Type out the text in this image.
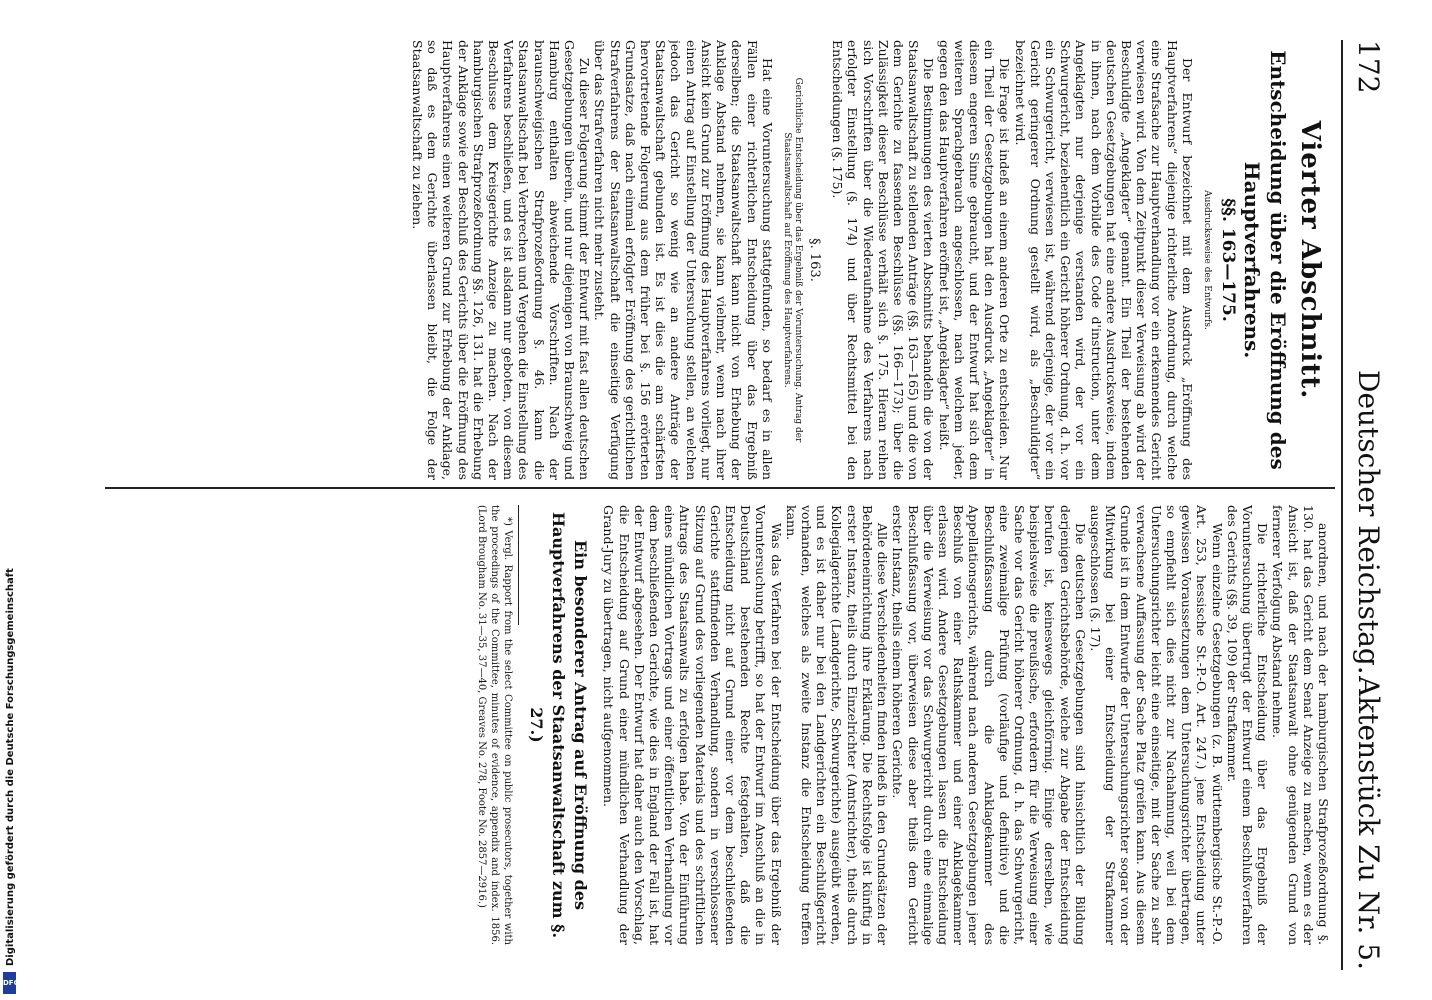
172
Deutscher Reichstag.
Aktenstück Zu Nr. 5.
Vierter Abschnitt.
Entscheidung über die Eröffnung des Hauptverfahrens.
§§. 163—175.
Ausdrucksweise des Entwurfs.

Der Entwurf bezeichnet mit dem Ausdruck „Eröffnung des Hauptverfahrens“ diejenige richterliche Anordnung, durch welche eine Strafsache zur Hauptverhandlung vor ein erkennendes Gericht verwiesen wird. Von dem Zeitpunkt dieser Verweisung ab wird der Beschuldigte „Angeklagter“ genannt. Ein Theil der bestehenden deutschen Gesetzgebungen hat eine andere Ausdrucksweise, indem in ihnen, nach dem Vorbilde des Code d'instruction, unter dem Angeklagten nur derjenige verstanden wird, der vor ein Schwurgericht, beziehentlich ein Gericht höherer Ordnung, d. h. vor ein Schwurgericht, verwiesen ist, während derjenige, der vor ein Gericht geringerer Ordnung gestellt wird, als „Beschuldigter“ bezeichnet wird.

Die Frage ist indeß an einem anderen Orte zu entscheiden. Nur ein Theil der Gesetzgebungen hat den Ausdruck „Angeklagter“ in diesem engeren Sinne gebraucht, und der Entwurf hat sich dem weiteren Sprachgebrauch angeschlossen, nach welchem jeder, gegen den das Hauptverfahren eröffnet ist, „Angeklagter“ heißt.

Die Bestimmungen des vierten Abschnitts behandeln die von der Staatsanwaltschaft zu stellenden Anträge (§§. 163—165) und die von dem Gerichte zu fassenden Beschlüsse (§§. 166—173); über die Zulässigkeit dieser Beschlüsse verhält sich §. 175. Hieran reihen sich Vorschriften über die Wiederaufnahme des Verfahrens nach erfolgter Einstellung (§. 174) und über Rechtsmittel bei den Entscheidungen (§. 175).

§. 163.
Gerichtliche Entscheidung über das Ergebniß der Voruntersuchung. Antrag der Staatsanwaltschaft auf Eröffnung des Hauptverfahrens.

Hat eine Voruntersuchung stattgefunden, so bedarf es in allen Fällen einer richterlichen Entscheidung über das Ergebniß derselben; die Staatsanwaltschaft kann nicht von Erhebung der Anklage Abstand nehmen, sie kann vielmehr, wenn nach ihrer Ansicht kein Grund zur Eröffnung des Hauptverfahrens vorliegt, nur einen Antrag auf Einstellung der Untersuchung stellen, an welchen jedoch das Gericht so wenig wie an andere Anträge der Staatsanwaltschaft gebunden ist. Es ist dies die am schärfsten hervortretende Folgerung aus dem früher bei §. 156 erörterten Grundsatze, daß nach einmal erfolgter Eröffnung des gerichtlichen Strafverfahrens der Staatsanwaltschaft die einseitige Verfügung über das Strafverfahren nicht mehr zusteht.

Zu dieser Folgerung stimmt der Entwurf mit fast allen deutschen Gesetzgebungen überein, und nur diejenigen von Braunschweig und Hamburg enthalten abweichende Vorschriften. Nach der braunschweigischen Strafprozeßordnung §. 46. kann die Staatsanwaltschaft bei Verbrechen und Vergehen die Einstellung des Verfahrens beschließen, und es ist alsdann nur geboten, von diesem Beschlusse dem Kreisgerichte Anzeige zu machen. Nach der hamburgischen Strafprozeßordnung §§. 126, 131. hat die Erhebung der Anklage sowie der Beschluß des Gerichts über die Eröffnung des Hauptverfahrens einen weiteren Grund zur Erhebung der Anklage, so daß es dem Gerichte überlassen bleibt, die Folge der Staatsanwaltschaft zu ziehen.

anordnen, und nach der hamburgischen Strafprozeßordnung §. 130. hat das Gericht dem Senat Anzeige zu machen, wenn es der Ansicht ist, daß der Staatsanwalt ohne genügenden Grund von fernerer Verfolgung Abstand nehme.

Die richterliche Entscheidung über das Ergebniß der Voruntersuchung übertrugt der Entwurf einem Beschlußverfahren des Gerichts (§§. 39, 109) der Strafkammer.

Wenn einzelne Gesetzgebungen (z. B. württembergische St.-P.-O. Art. 253, hessische St.-P.-O. Art. 247.) jene Entscheidung unter gewissen Voraussetzungen dem Untersuchungsrichter übertragen, so empfiehlt sich dies nicht zur Nachahmung, weil bei dem Untersuchungsrichter leicht eine einseitige, mit der Sache zu sehr verwachsene Auffassung der Sache Platz greifen kann. Aus diesem Grunde ist in dem Entwurfe der Untersuchungsrichter sogar von der Mitwirkung bei einer Entscheidung der Strafkammer ausgeschlossen (§. 17).

Die deutschen Gesetzgebungen sind hinsichtlich der Bildung derjenigen Gerichtsbehörde, welche zur Abgabe der Entscheidung berufen ist, keineswegs gleichförmig. Einige derselben, wie beispielsweise die preußische, erfordern für die Verweisung einer Sache vor das Gericht höherer Ordnung, d. h. das Schwurgericht, eine zweimalige Prüfung (vorläufige und definitive) und die Beschlußfassung durch die Anklagekammer des Appellationsgerichts, während nach anderen Gesetzgebungen jener Beschluß von einer Rathskammer und einer Anklagekammer erlassen wird. Andere Gesetzgebungen lassen die Entscheidung über die Verweisung vor das Schwurgericht durch eine einmalige Beschlußfassung vor, überweisen diese aber theils dem Gericht erster Instanz, theils einem höheren Gerichte.

Alle diese Verschiedenheiten finden indeß in den Grundsätzen der Behördeneinrichtung ihre Erklärung. Die Rechtsfolge ist künftig in erster Instanz, theils durch Einzelrichter (Amtsrichter), theils durch Kollegialgerichte (Landgerichte, Schwurgerichte) ausgeübt werden, und es ist daher nur bei den Landgerichten ein Beschlußgericht vorhanden, welches als zweite Instanz die Entscheidung treffen kann.

Was das Verfahren bei der Entscheidung über das Ergebniß der Voruntersuchung betrifft, so hat der Entwurf im Anschluß an die in Deutschland bestehenden Rechte festgehalten, daß die Entscheidung nicht auf Grund einer vor dem beschließenden Gerichte stattfindenden Verhandlung, sondern in verschlossener Sitzung auf Grund des vorliegenden Materials und des schriftlichen Antrags des Staatsanwalts zu erfolgen habe. Von der Einführung eines mündlichen Vortrags und einer öffentlichen Verhandlung vor dem beschließenden Gerichte, wie dies in England der Fall ist, hat der Entwurf abgesehen. Der Entwurf hat daher auch den Vorschlag, die Entscheidung auf Grund einer mündlichen Verhandlung der Grand-Jury zu übertragen, nicht aufgenommen.

Ein besonderer Antrag auf Eröffnung des Hauptverfahrens der Staatsanwaltschaft zum §. 27.)

*) Vergl. Rapport from the select Committee on public prosecutors, together with the proceedings of the Committee, minutes of evidence, appendix and index. 1856. (Lord Brougham No. 31—35, 37—40, Greaves No. 278, Foote No. 2857—2916.)

Digitalisierung gefördert durch die Deutsche Forschungsgemeinschaft
DFG
